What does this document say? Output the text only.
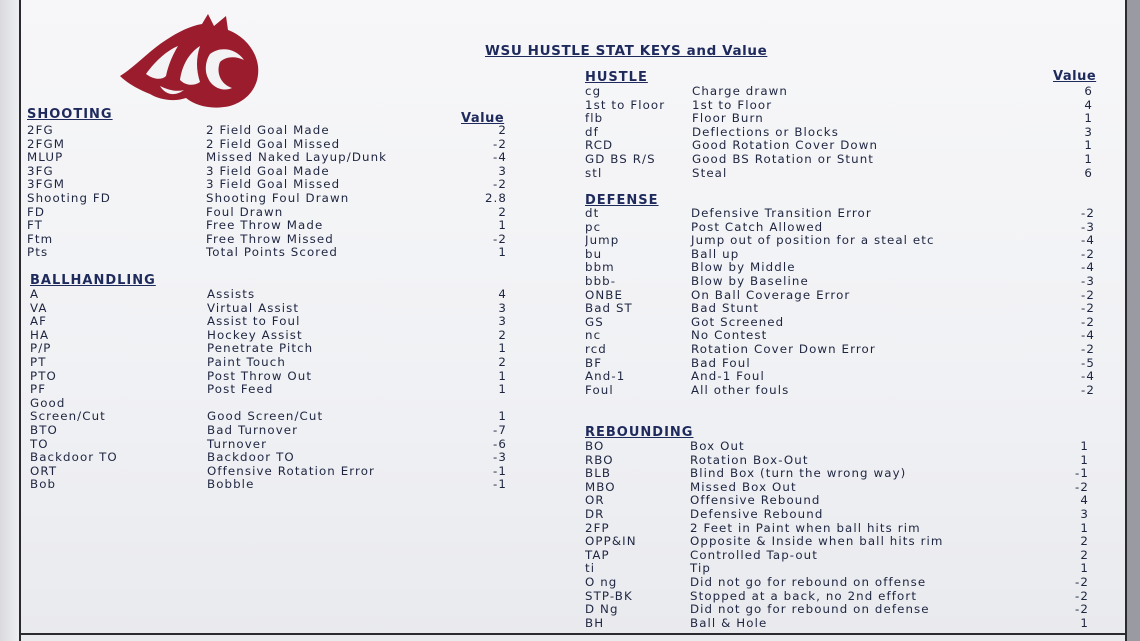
WSU HUSTLE STAT KEYS and Value
SHOOTING	Value
2FG	2 Field Goal Made	2
2FGM	2 Field Goal Missed	-2
MLUP	Missed Naked Layup/Dunk	-4
3FG	3 Field Goal Made	3
3FGM	3 Field Goal Missed	-2
Shooting FD	Shooting Foul Drawn	2.8
FD	Foul Drawn	2
FT	Free Throw Made	1
Ftm	Free Throw Missed	-2
Pts	Total Points Scored	1
BALLHANDLING
A	Assists	4
VA	Virtual Assist	3
AF	Assist to Foul	3
HA	Hockey Assist	2
P/P	Penetrate Pitch	1
PT	Paint Touch	2
PTO	Post Throw Out	1
PF	Post Feed	1
Good
Screen/Cut	Good Screen/Cut	1
BTO	Bad Turnover	-7
TO	Turnover	-6
Backdoor TO	Backdoor TO	-3
ORT	Offensive Rotation Error	-1
Bob	Bobble	-1
HUSTLE	Value
cg	Charge drawn	6
1st to Floor	1st to Floor	4
flb	Floor Burn	1
df	Deflections or Blocks	3
RCD	Good Rotation Cover Down	1
GD BS R/S	Good BS Rotation or Stunt	1
stl	Steal	6
DEFENSE
dt	Defensive Transition Error	-2
pc	Post Catch Allowed	-3
Jump	Jump out of position for a steal etc	-4
bu	Ball up	-2
bbm	Blow by Middle	-4
bbb-	Blow by Baseline	-3
ONBE	On Ball Coverage Error	-2
Bad ST	Bad Stunt	-2
GS	Got Screened	-2
nc	No Contest	-4
rcd	Rotation Cover Down Error	-2
BF	Bad Foul	-5
And-1	And-1 Foul	-4
Foul	All other fouls	-2
REBOUNDING
BO	Box Out	1
RBO	Rotation Box-Out	1
BLB	Blind Box (turn the wrong way)	-1
MBO	Missed Box Out	-2
OR	Offensive Rebound	4
DR	Defensive Rebound	3
2FP	2 Feet in Paint when ball hits rim	1
OPP&IN	Opposite & Inside when ball hits rim	2
TAP	Controlled Tap-out	2
ti	Tip	1
O ng	Did not go for rebound on offense	-2
STP-BK	Stopped at a back, no 2nd effort	-2
D Ng	Did not go for rebound on defense	-2
BH	Ball & Hole	1
